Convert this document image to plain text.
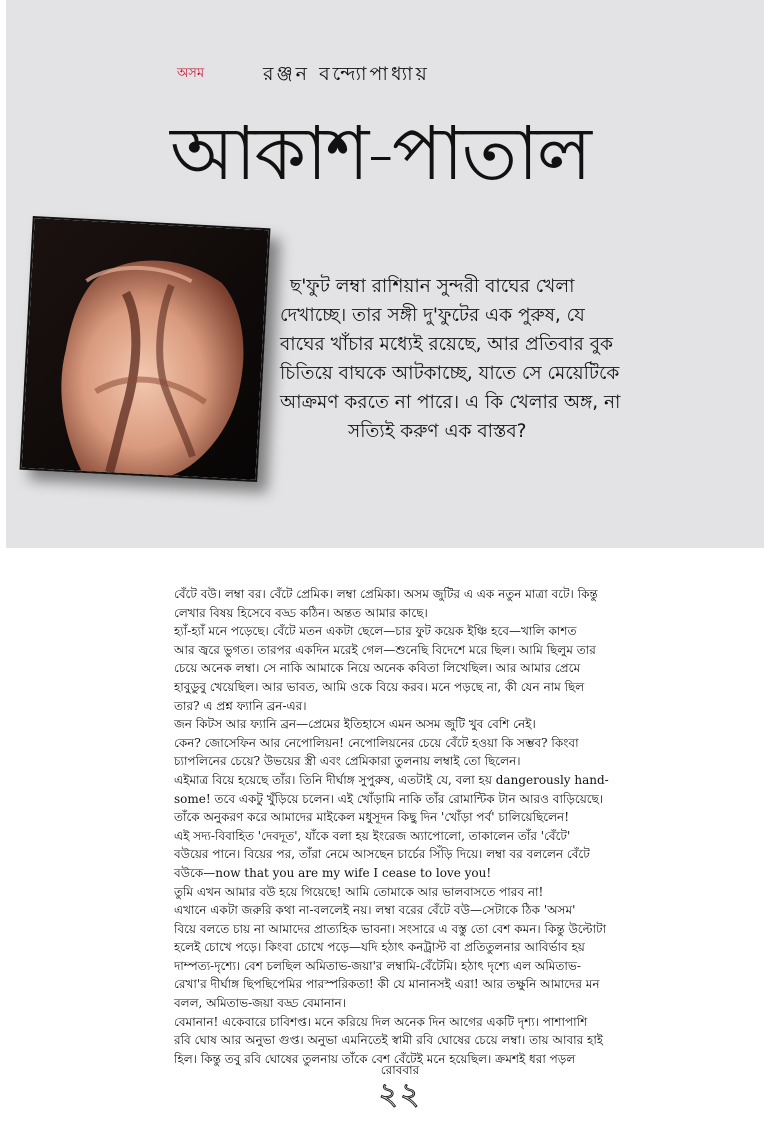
অসম	রঞ্জন বন্দ্যোপাধ্যায়
আকাশ-পাতাল
ছ'ফুট লম্বা রাশিয়ান সুন্দরী বাঘের খেলা
দেখাচ্ছে। তার সঙ্গী দু'ফুটের এক পুরুষ, যে
বাঘের খাঁচার মধ্যেই রয়েছে, আর প্রতিবার বুক
চিতিয়ে বাঘকে আটকাচ্ছে, যাতে সে মেয়েটিকে
আক্রমণ করতে না পারে। এ কি খেলার অঙ্গ, না
সত্যিই করুণ এক বাস্তব?
বেঁটে বউ। লম্বা বর। বেঁটে প্রেমিক। লম্বা প্রেমিকা। অসম জুটির এ এক নতুন মাত্রা বটে। কিন্তু
লেখার বিষয় হিসেবে বড্ড কঠিন। অন্তত আমার কাছে।
হ্যাঁ-হ্যাঁ মনে পড়েছে। বেঁটে মতন একটা ছেলে—চার ফুট কয়েক ইঞ্চি হবে—খালি কাশত
আর জ্বরে ভুগত। তারপর একদিন মরেই গেল—শুনেছি বিদেশে মরে ছিল। আমি ছিলুম তার
চেয়ে অনেক লম্বা। সে নাকি আমাকে নিয়ে অনেক কবিতা লিখেছিল। আর আমার প্রেমে
হাবুডুবু খেয়েছিল। আর ভাবত, আমি ওকে বিয়ে করব। মনে পড়ছে না, কী যেন নাম ছিল
তার? এ প্রশ্ন ফ্যানি ব্রন-এর।
জন কিটস আর ফ্যানি ব্রন—প্রেমের ইতিহাসে এমন অসম জুটি খুব বেশি নেই।
কেন? জোসেফিন আর নেপোলিয়ন! নেপোলিয়নের চেয়ে বেঁটে হওয়া কি সম্ভব? কিংবা
চ্যাপলিনের চেয়ে? উভয়ের স্ত্রী এবং প্রেমিকারা তুলনায় লম্বাই তো ছিলেন।
এইমাত্র বিয়ে হয়েছে তাঁর। তিনি দীর্ঘাঙ্গ সুপুরুষ, এতটাই যে, বলা হয় dangerously hand-
some! তবে একটু খুঁড়িয়ে চলেন। এই খোঁড়ামি নাকি তাঁর রোমান্টিক টান আরও বাড়িয়েছে।
তাঁকে অনুকরণ করে আমাদের মাইকেল মধুসূদন কিছু দিন 'খোঁড়া পর্ব' চালিয়েছিলেন!
এই সদ্য-বিবাহিত 'দেবদূত', যাঁকে বলা হয় ইংরেজ অ্যাপোলো, তাকালেন তাঁর 'বেঁটে'
বউয়ের পানে। বিয়ের পর, তাঁরা নেমে আসছেন চার্চের সিঁড়ি দিয়ে। লম্বা বর বললেন বেঁটে
বউকে—now that you are my wife I cease to love you!
তুমি এখন আমার বউ হয়ে গিয়েছে! আমি তোমাকে আর ভালবাসতে পারব না!
এখানে একটা জরুরি কথা না-বললেই নয়। লম্বা বরের বেঁটে বউ—সেটাকে ঠিক 'অসম'
বিয়ে বলতে চায় না আমাদের প্রাত্যহিক ভাবনা। সংসারে এ বস্তু তো বেশ কমন। কিন্তু উল্টোটা
হলেই চোখে পড়ে। কিংবা চোখে পড়ে—যদি হঠাৎ কনট্রাস্ট বা প্রতিতুলনার আবির্ভাব হয়
দাম্পত্য-দৃশ্যে। বেশ চলছিল অমিতাভ-জয়া'র লম্বামি-বেঁটেমি। হঠাৎ দৃশ্যে এল অমিতাভ-
রেখা'র দীর্ঘাঙ্গ ছিপছিপেমির পারস্পরিকতা! কী যে মানানসই এরা! আর তক্ষুনি আমাদের মন
বলল, অমিতাভ-জয়া বড্ড বেমানান।
বেমানান! একেবারে চাবিশপ্ত। মনে করিয়ে দিল অনেক দিন আগের একটি দৃশ্য। পাশাপাশি
রবি ঘোষ আর অনুভা গুপ্ত। অনুভা এমনিতেই স্বামী রবি ঘোষের চেয়ে লম্বা। তায় আবার হাই
হিল। কিন্তু তবু রবি ঘোষের তুলনায় তাঁকে বেশ বেঁটেই মনে হয়েছিল। ক্রমশই ধরা পড়ল
রোববার
২২
